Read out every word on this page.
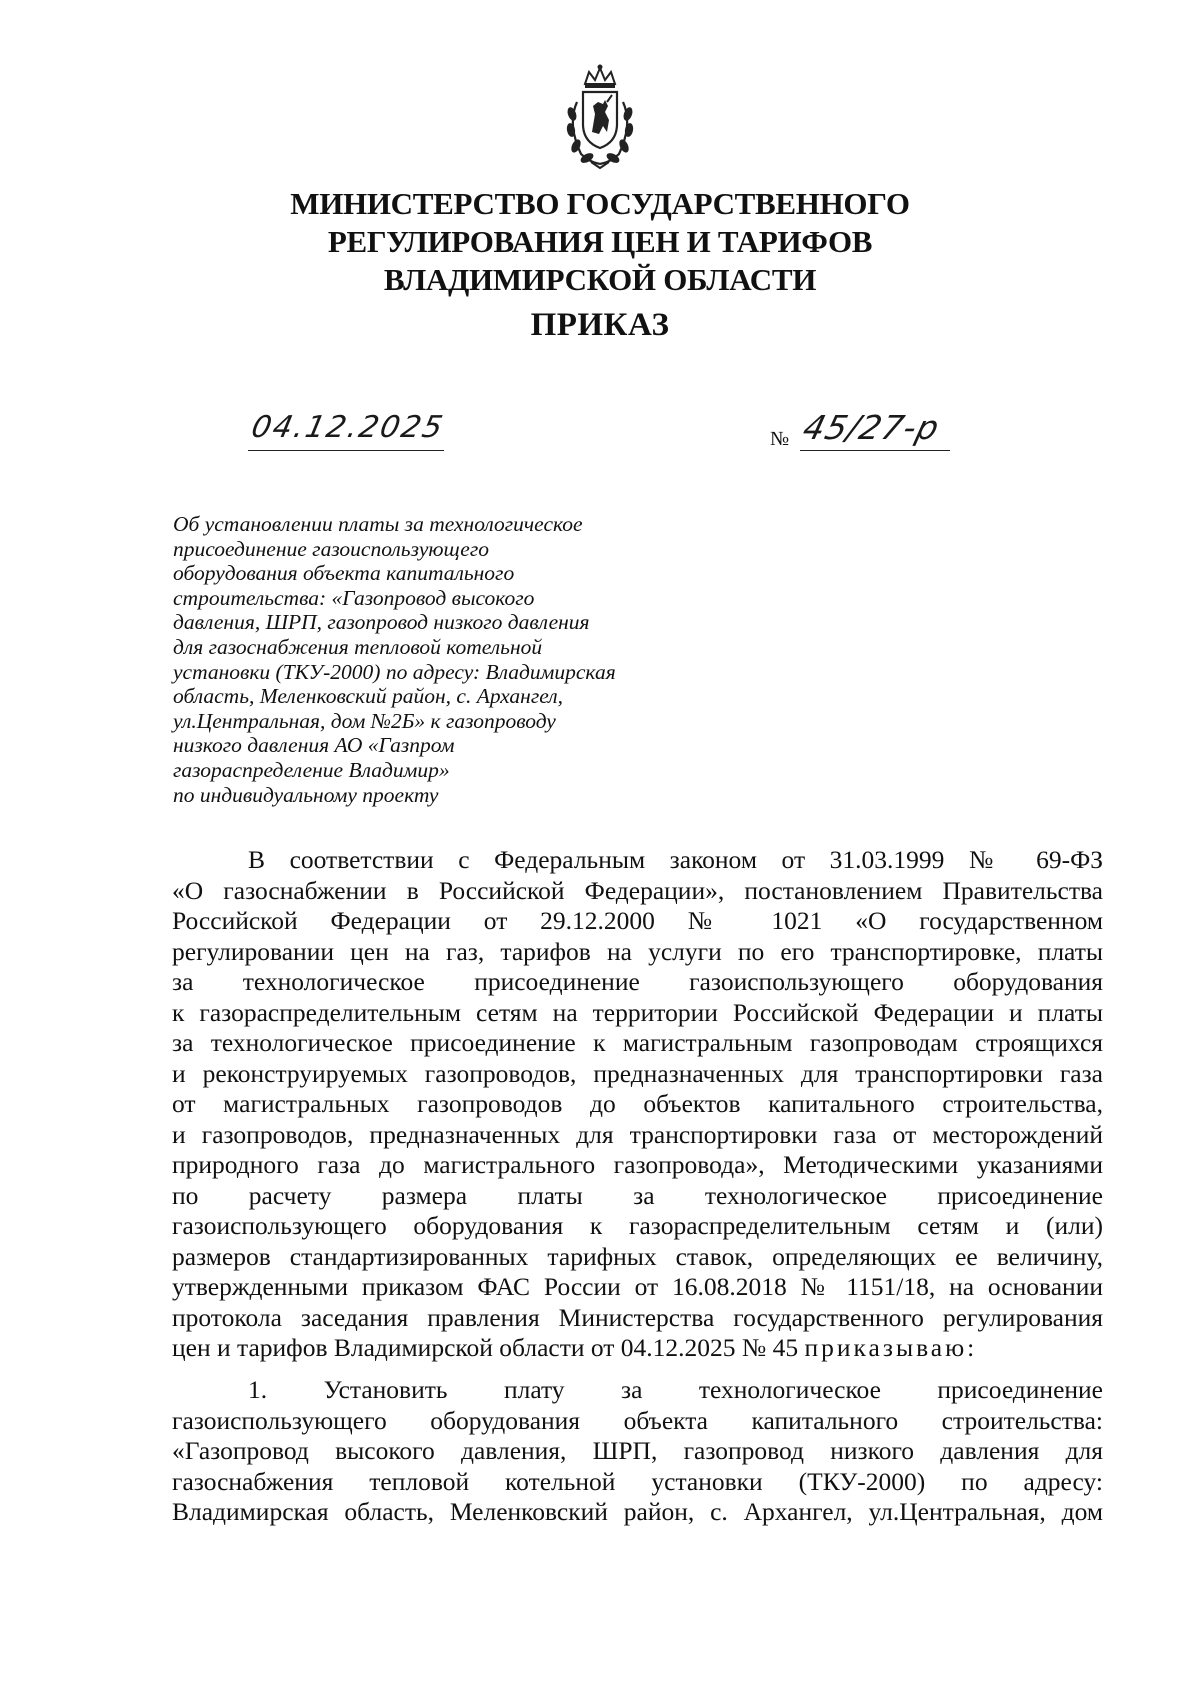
МИНИСТЕРСТВО ГОСУДАРСТВЕННОГО
РЕГУЛИРОВАНИЯ ЦЕН И ТАРИФОВ
ВЛАДИМИРСКОЙ ОБЛАСТИ
ПРИКАЗ
04.12.2025	№ 45/27-р
Об установлении платы за технологическое
присоединение газоиспользующего
оборудования объекта капитального
строительства: «Газопровод высокого
давления, ШРП, газопровод низкого давления
для газоснабжения тепловой котельной
установки (ТКУ-2000) по адресу: Владимирская
область, Меленковский район, с. Архангел,
ул.Центральная, дом №2Б» к газопроводу
низкого давления АО «Газпром
газораспределение Владимир»
по индивидуальному проекту
В соответствии с Федеральным законом от 31.03.1999 № 69-ФЗ
«О газоснабжении в Российской Федерации», постановлением Правительства
Российской Федерации от 29.12.2000 № 1021 «О государственном
регулировании цен на газ, тарифов на услуги по его транспортировке, платы
за технологическое присоединение газоиспользующего оборудования
к газораспределительным сетям на территории Российской Федерации и платы
за технологическое присоединение к магистральным газопроводам строящихся
и реконструируемых газопроводов, предназначенных для транспортировки газа
от магистральных газопроводов до объектов капитального строительства,
и газопроводов, предназначенных для транспортировки газа от месторождений
природного газа до магистрального газопровода», Методическими указаниями
по расчету размера платы за технологическое присоединение
газоиспользующего оборудования к газораспределительным сетям и (или)
размеров стандартизированных тарифных ставок, определяющих ее величину,
утвержденными приказом ФАС России от 16.08.2018 № 1151/18, на основании
протокола заседания правления Министерства государственного регулирования
цен и тарифов Владимирской области от 04.12.2025 № 45 приказываю:
1. Установить плату за технологическое присоединение
газоиспользующего оборудования объекта капитального строительства:
«Газопровод высокого давления, ШРП, газопровод низкого давления для
газоснабжения тепловой котельной установки (ТКУ-2000) по адресу:
Владимирская область, Меленковский район, с. Архангел, ул.Центральная, дом
